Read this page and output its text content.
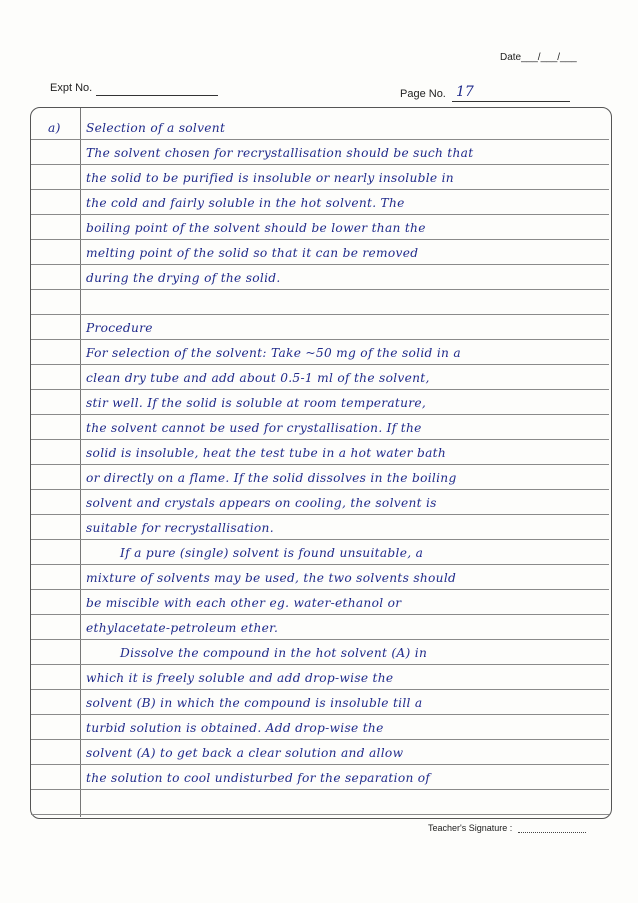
Date___/___/___
Expt No.	Page No. 17
a) Selection of a solvent
The solvent chosen for recrystallisation should be such that
the solid to be purified is insoluble or nearly insoluble in
the cold and fairly soluble in the hot solvent. The
boiling point of the solvent should be lower than the
melting point of the solid so that it can be removed
during the drying of the solid.
Procedure
For selection of the solvent: Take ~50 mg of the solid in a
clean dry tube and add about 0.5-1 ml of the solvent,
stir well. If the solid is soluble at room temperature,
the solvent cannot be used for crystallisation. If the
solid is insoluble, heat the test tube in a hot water bath
or directly on a flame. If the solid dissolves in the boiling
solvent and crystals appears on cooling, the solvent is
suitable for recrystallisation.
If a pure (single) solvent is found unsuitable, a
mixture of solvents may be used, the two solvents should
be miscible with each other eg. water-ethanol or
ethylacetate-petroleum ether.
Dissolve the compound in the hot solvent (A) in
which it is freely soluble and add drop-wise the
solvent (B) in which the compound is insoluble till a
turbid solution is obtained. Add drop-wise the
solvent (A) to get back a clear solution and allow
the solution to cool undisturbed for the separation of
Teacher's Signature :
